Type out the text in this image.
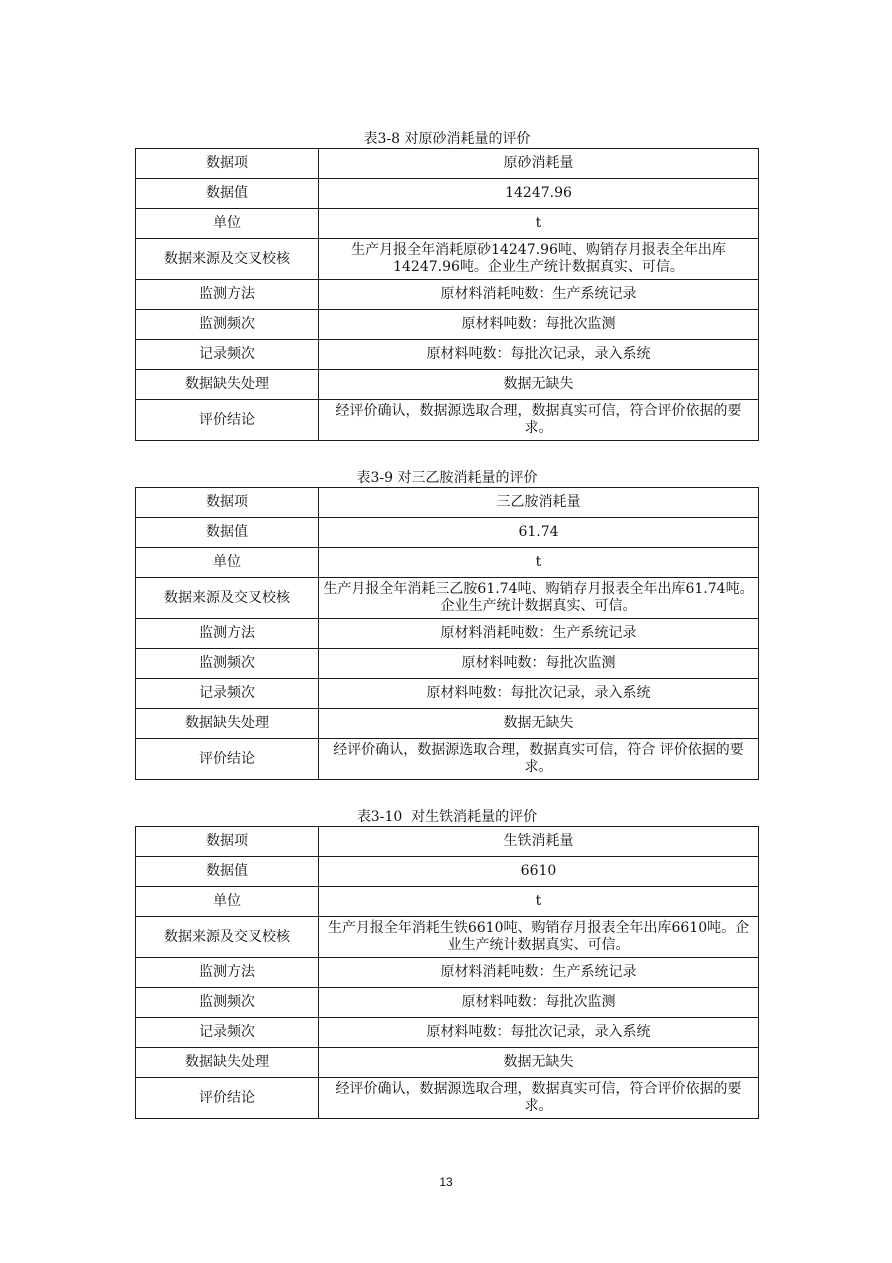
表3-8 对原砂消耗量的评价
数据项	原砂消耗量
数据值	14247.96
单位	t
数据来源及交叉校核	生产月报全年消耗原砂14247.96吨、购销存月报表全年出库14247.96吨。企业生产统计数据真实、可信。
监测方法	原材料消耗吨数：生产系统记录
监测频次	原材料吨数：每批次监测
记录频次	原材料吨数：每批次记录，录入系统
数据缺失处理	数据无缺失
评价结论	经评价确认，数据源选取合理，数据真实可信，符合评价依据的要求。
表3-9 对三乙胺消耗量的评价
数据项	三乙胺消耗量
数据值	61.74
单位	t
数据来源及交叉校核	生产月报全年消耗三乙胺61.74吨、购销存月报表全年出库61.74吨。企业生产统计数据真实、可信。
监测方法	原材料消耗吨数：生产系统记录
监测频次	原材料吨数：每批次监测
记录频次	原材料吨数：每批次记录，录入系统
数据缺失处理	数据无缺失
评价结论	经评价确认，数据源选取合理，数据真实可信，符合 评价依据的要求。
表3-10  对生铁消耗量的评价
数据项	生铁消耗量
数据值	6610
单位	t
数据来源及交叉校核	生产月报全年消耗生铁6610吨、购销存月报表全年出库6610吨。企业生产统计数据真实、可信。
监测方法	原材料消耗吨数：生产系统记录
监测频次	原材料吨数：每批次监测
记录频次	原材料吨数：每批次记录，录入系统
数据缺失处理	数据无缺失
评价结论	经评价确认，数据源选取合理，数据真实可信，符合评价依据的要求。
13
